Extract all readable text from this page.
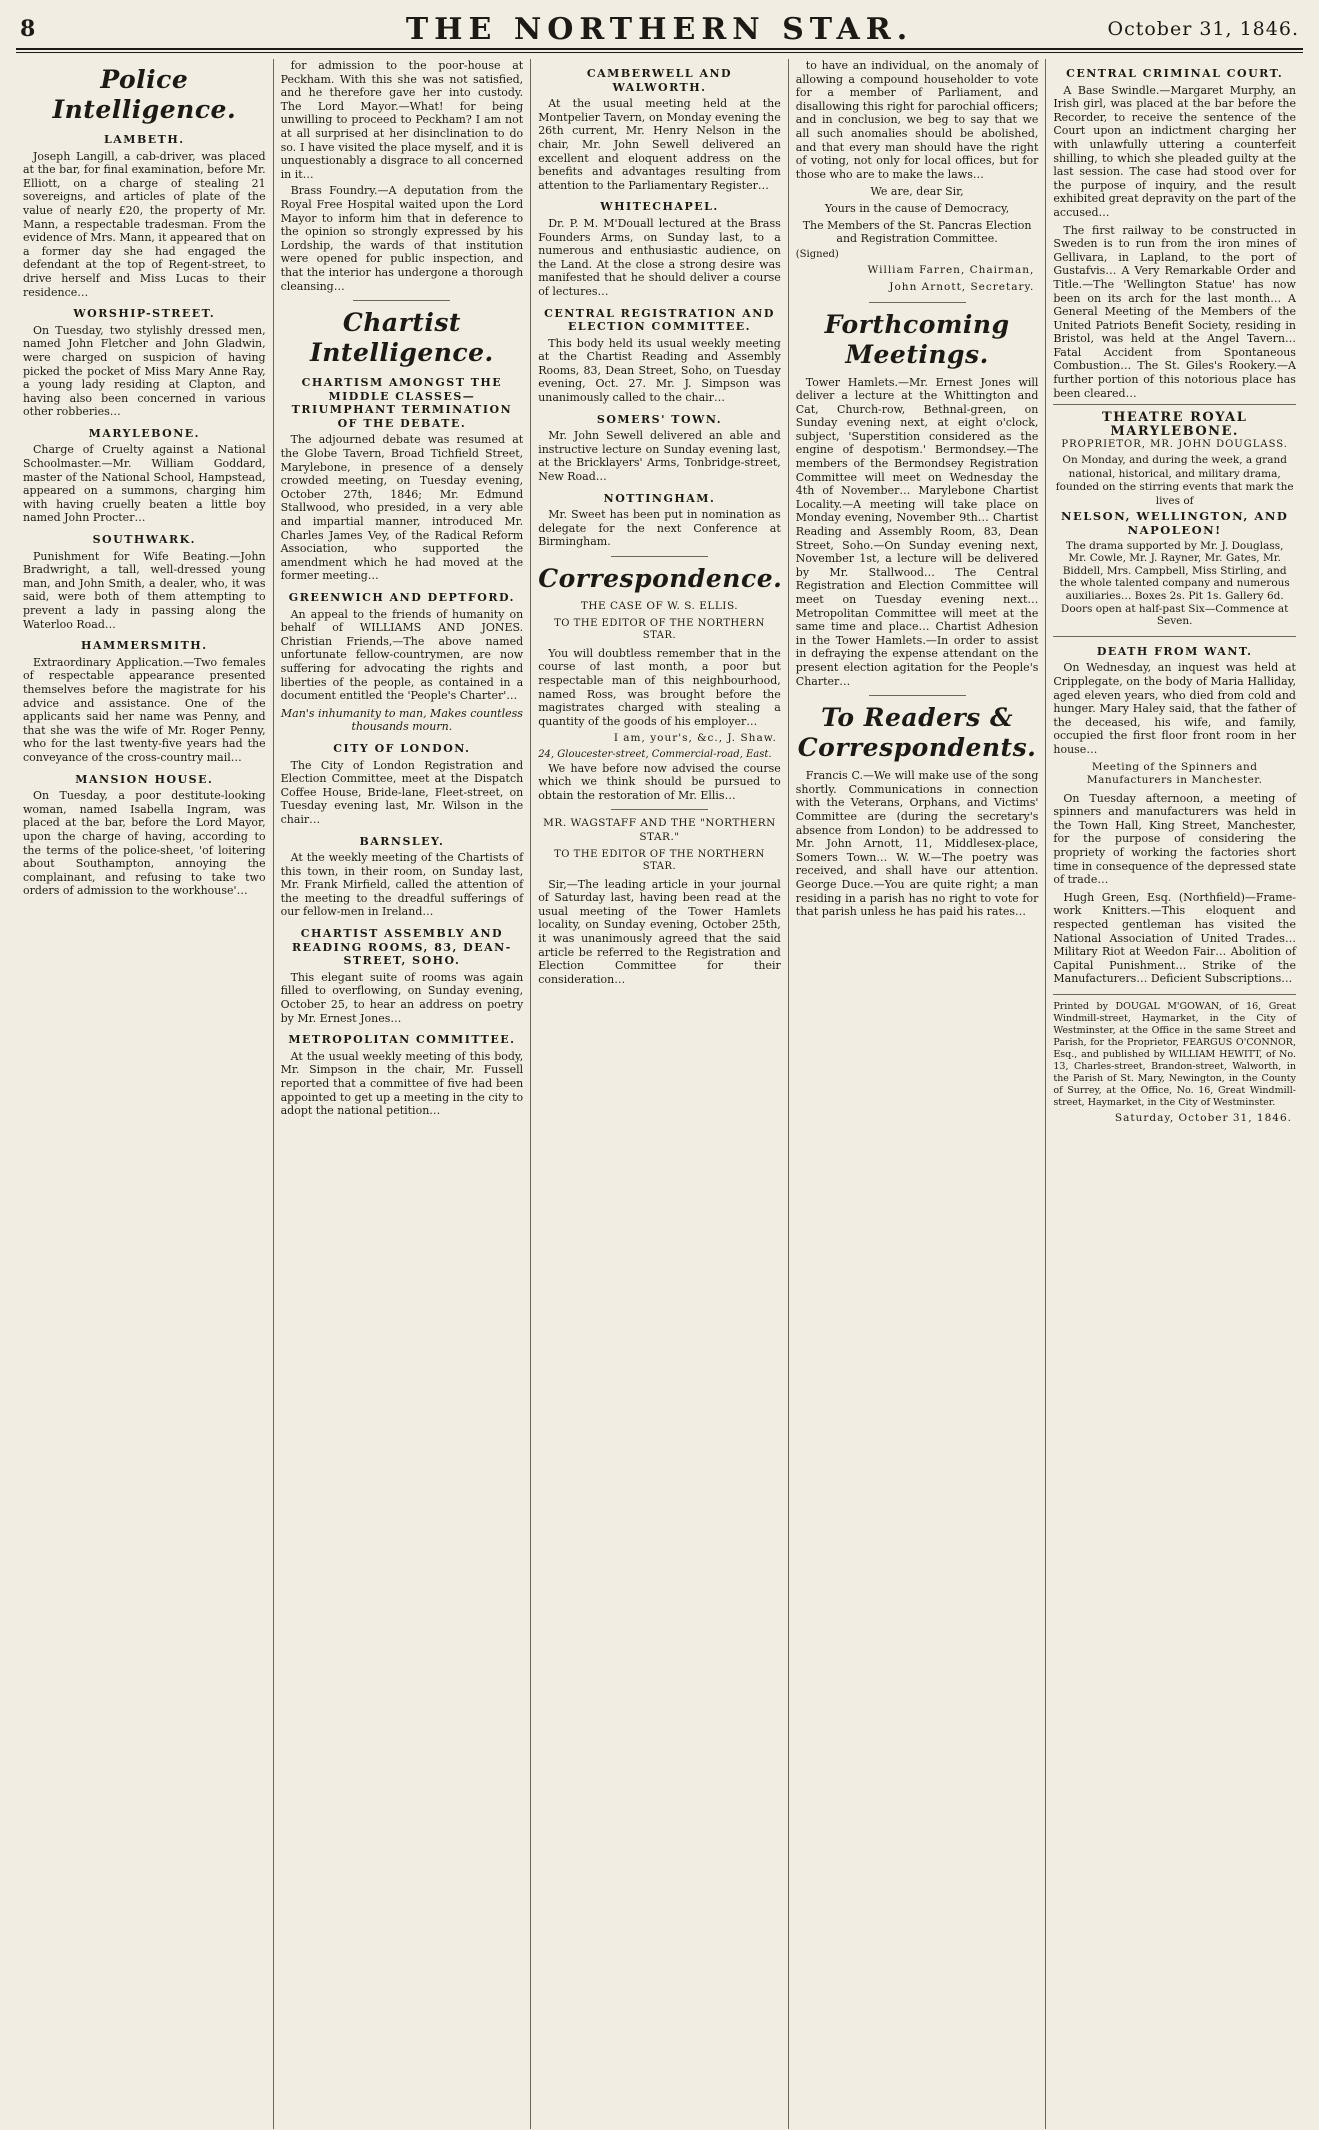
8	THE NORTHERN STAR.	October 31, 1846.
Police Intelligence.
LAMBETH.

Joseph Langill, a cab-driver, was placed at the bar, for final examination, before Mr. Elliott, on a charge of stealing 21 sovereigns, and articles of plate of the value of nearly £20, the property of Mr. Mann, a respectable tradesman. From the evidence of Mrs. Mann, it appeared that on a former day she had engaged the defendant at the top of Regent-street, to drive herself and Miss Lucas to their residence…

WORSHIP-STREET.

On Tuesday, two stylishly dressed men, named John Fletcher and John Gladwin, were charged on suspicion of having picked the pocket of Miss Mary Anne Ray, a young lady residing at Clapton, and having also been concerned in various other robberies…

MARYLEBONE.

Charge of Cruelty against a National Schoolmaster.—Mr. William Goddard, master of the National School, Hampstead, appeared on a summons, charging him with having cruelly beaten a little boy named John Procter…

SOUTHWARK.

Punishment for Wife Beating.—John Bradwright, a tall, well-dressed young man, and John Smith, a dealer, who, it was said, were both of them attempting to prevent a lady in passing along the Waterloo Road…

HAMMERSMITH.

Extraordinary Application.—Two females of respectable appearance presented themselves before the magistrate for his advice and assistance. One of the applicants said her name was Penny, and that she was the wife of Mr. Roger Penny, who for the last twenty-five years had the conveyance of the cross-country mail…

MANSION HOUSE.

On Tuesday, a poor destitute-looking woman, named Isabella Ingram, was placed at the bar, before the Lord Mayor, upon the charge of having, according to the terms of the police-sheet, 'of loitering about Southampton, annoying the complainant, and refusing to take two orders of admission to the workhouse'…

for admission to the poor-house at Peckham. With this she was not satisfied, and he therefore gave her into custody. The Lord Mayor.—What! for being unwilling to proceed to Peckham? I am not at all surprised at her disinclination to do so. I have visited the place myself, and it is unquestionably a disgrace to all concerned in it…

Brass Foundry.—A deputation from the Royal Free Hospital waited upon the Lord Mayor to inform him that in deference to the opinion so strongly expressed by his Lordship, the wards of that institution were opened for public inspection, and that the interior has undergone a thorough cleansing…

Chartist Intelligence.
CHARTISM AMONGST THE MIDDLE CLASSES—TRIUMPHANT TERMINATION OF THE DEBATE.

The adjourned debate was resumed at the Globe Tavern, Broad Tichfield Street, Marylebone, in presence of a densely crowded meeting, on Tuesday evening, October 27th, 1846; Mr. Edmund Stallwood, who presided, in a very able and impartial manner, introduced Mr. Charles James Vey, of the Radical Reform Association, who supported the amendment which he had moved at the former meeting…

GREENWICH AND DEPTFORD.

An appeal to the friends of humanity on behalf of WILLIAMS AND JONES. Christian Friends,—The above named unfortunate fellow-countrymen, are now suffering for advocating the rights and liberties of the people, as contained in a document entitled the 'People's Charter'…

Man's inhumanity to man, Makes countless thousands mourn.
CITY OF LONDON.

The City of London Registration and Election Committee, meet at the Dispatch Coffee House, Bride-lane, Fleet-street, on Tuesday evening last, Mr. Wilson in the chair…

BARNSLEY.

At the weekly meeting of the Chartists of this town, in their room, on Sunday last, Mr. Frank Mirfield, called the attention of the meeting to the dreadful sufferings of our fellow-men in Ireland…

CHARTIST ASSEMBLY AND READING ROOMS, 83, DEAN-STREET, SOHO.

This elegant suite of rooms was again filled to overflowing, on Sunday evening, October 25, to hear an address on poetry by Mr. Ernest Jones…

METROPOLITAN COMMITTEE.

At the usual weekly meeting of this body, Mr. Simpson in the chair, Mr. Fussell reported that a committee of five had been appointed to get up a meeting in the city to adopt the national petition…

CAMBERWELL AND WALWORTH.

At the usual meeting held at the Montpelier Tavern, on Monday evening the 26th current, Mr. Henry Nelson in the chair, Mr. John Sewell delivered an excellent and eloquent address on the benefits and advantages resulting from attention to the Parliamentary Register…

WHITECHAPEL.

Dr. P. M. M'Douall lectured at the Brass Founders Arms, on Sunday last, to a numerous and enthusiastic audience, on the Land. At the close a strong desire was manifested that he should deliver a course of lectures…

CENTRAL REGISTRATION AND ELECTION COMMITTEE.

This body held its usual weekly meeting at the Chartist Reading and Assembly Rooms, 83, Dean Street, Soho, on Tuesday evening, Oct. 27. Mr. J. Simpson was unanimously called to the chair…

SOMERS' TOWN.

Mr. John Sewell delivered an able and instructive lecture on Sunday evening last, at the Bricklayers' Arms, Tonbridge-street, New Road…

NOTTINGHAM.

Mr. Sweet has been put in nomination as delegate for the next Conference at Birmingham.

Correspondence.
THE CASE OF W. S. ELLIS.
TO THE EDITOR OF THE NORTHERN STAR.

You will doubtless remember that in the course of last month, a poor but respectable man of this neighbourhood, named Ross, was brought before the magistrates charged with stealing a quantity of the goods of his employer…

I am, your's, &c., J. Shaw.
24, Gloucester-street, Commercial-road, East.

We have before now advised the course which we think should be pursued to obtain the restoration of Mr. Ellis…

MR. WAGSTAFF AND THE "NORTHERN STAR."
TO THE EDITOR OF THE NORTHERN STAR.

Sir,—The leading article in your journal of Saturday last, having been read at the usual meeting of the Tower Hamlets locality, on Sunday evening, October 25th, it was unanimously agreed that the said article be referred to the Registration and Election Committee for their consideration…

to have an individual, on the anomaly of allowing a compound householder to vote for a member of Parliament, and disallowing this right for parochial officers; and in conclusion, we beg to say that we all such anomalies should be abolished, and that every man should have the right of voting, not only for local offices, but for those who are to make the laws…

We are, dear Sir,
Yours in the cause of Democracy,
The Members of the St. Pancras Election and Registration Committee.
(Signed)
William Farren, Chairman,
John Arnott, Secretary.
Forthcoming Meetings.

Tower Hamlets.—Mr. Ernest Jones will deliver a lecture at the Whittington and Cat, Church-row, Bethnal-green, on Sunday evening next, at eight o'clock, subject, 'Superstition considered as the engine of despotism.' Bermondsey.—The members of the Bermondsey Registration Committee will meet on Wednesday the 4th of November… Marylebone Chartist Locality.—A meeting will take place on Monday evening, November 9th… Chartist Reading and Assembly Room, 83, Dean Street, Soho.—On Sunday evening next, November 1st, a lecture will be delivered by Mr. Stallwood… The Central Registration and Election Committee will meet on Tuesday evening next… Metropolitan Committee will meet at the same time and place… Chartist Adhesion in the Tower Hamlets.—In order to assist in defraying the expense attendant on the present election agitation for the People's Charter…

To Readers & Correspondents.

Francis C.—We will make use of the song shortly. Communications in connection with the Veterans, Orphans, and Victims' Committee are (during the secretary's absence from London) to be addressed to Mr. John Arnott, 11, Middlesex-place, Somers Town… W. W.—The poetry was received, and shall have our attention. George Duce.—You are quite right; a man residing in a parish has no right to vote for that parish unless he has paid his rates…

CENTRAL CRIMINAL COURT.

A Base Swindle.—Margaret Murphy, an Irish girl, was placed at the bar before the Recorder, to receive the sentence of the Court upon an indictment charging her with unlawfully uttering a counterfeit shilling, to which she pleaded guilty at the last session. The case had stood over for the purpose of inquiry, and the result exhibited great depravity on the part of the accused…

The first railway to be constructed in Sweden is to run from the iron mines of Gellivara, in Lapland, to the port of Gustafvis… A Very Remarkable Order and Title.—The 'Wellington Statue' has now been on its arch for the last month… A General Meeting of the Members of the United Patriots Benefit Society, residing in Bristol, was held at the Angel Tavern… Fatal Accident from Spontaneous Combustion… The St. Giles's Rookery.—A further portion of this notorious place has been cleared…

THEATRE ROYAL MARYLEBONE.
PROPRIETOR, MR. JOHN DOUGLASS.
On Monday, and during the week, a grand national, historical, and military drama, founded on the stirring events that mark the lives of
NELSON, WELLINGTON, AND NAPOLEON!
The drama supported by Mr. J. Douglass, Mr. Cowle, Mr. J. Rayner, Mr. Gates, Mr. Biddell, Mrs. Campbell, Miss Stirling, and the whole talented company and numerous auxiliaries… Boxes 2s. Pit 1s. Gallery 6d. Doors open at half-past Six—Commence at Seven.
DEATH FROM WANT.

On Wednesday, an inquest was held at Cripplegate, on the body of Maria Halliday, aged eleven years, who died from cold and hunger. Mary Haley said, that the father of the deceased, his wife, and family, occupied the first floor front room in her house…

Meeting of the Spinners and Manufacturers in Manchester.

On Tuesday afternoon, a meeting of spinners and manufacturers was held in the Town Hall, King Street, Manchester, for the purpose of considering the propriety of working the factories short time in consequence of the depressed state of trade…

Hugh Green, Esq. (Northfield)—Frame-work Knitters.—This eloquent and respected gentleman has visited the National Association of United Trades… Military Riot at Weedon Fair… Abolition of Capital Punishment… Strike of the Manufacturers… Deficient Subscriptions…

Printed by DOUGAL M'GOWAN, of 16, Great Windmill-street, Haymarket, in the City of Westminster, at the Office in the same Street and Parish, for the Proprietor, FEARGUS O'CONNOR, Esq., and published by WILLIAM HEWITT, of No. 13, Charles-street, Brandon-street, Walworth, in the Parish of St. Mary, Newington, in the County of Surrey, at the Office, No. 16, Great Windmill-street, Haymarket, in the City of Westminster.
Saturday, October 31, 1846.
